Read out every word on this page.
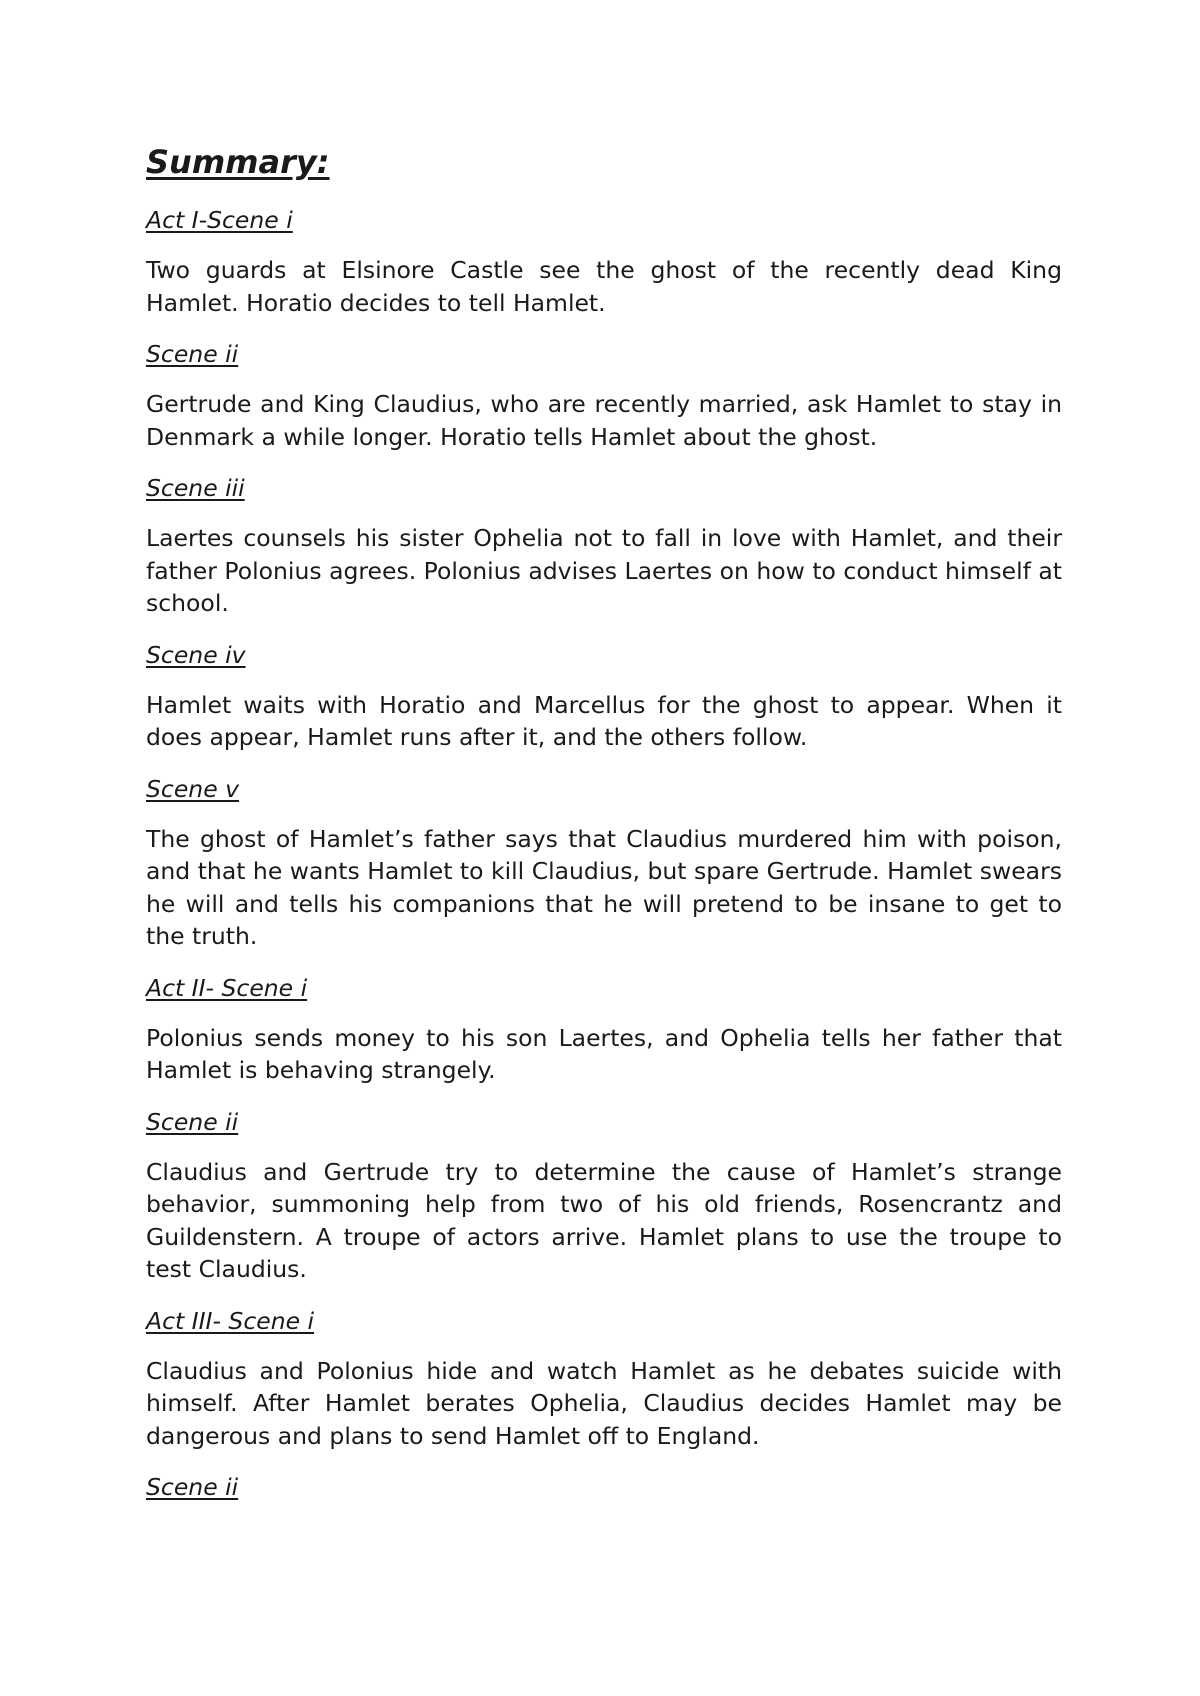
Summary:
Act I-Scene i
Two guards at Elsinore Castle see the ghost of the recently dead King Hamlet. Horatio decides to tell Hamlet.
Scene ii
Gertrude and King Claudius, who are recently married, ask Hamlet to stay in Denmark a while longer. Horatio tells Hamlet about the ghost.
Scene iii
Laertes counsels his sister Ophelia not to fall in love with Hamlet, and their father Polonius agrees. Polonius advises Laertes on how to conduct himself at school.
Scene iv
Hamlet waits with Horatio and Marcellus for the ghost to appear. When it does appear, Hamlet runs after it, and the others follow.
Scene v
The ghost of Hamlet’s father says that Claudius murdered him with poison, and that he wants Hamlet to kill Claudius, but spare Gertrude. Hamlet swears he will and tells his companions that he will pretend to be insane to get to the truth.
Act II- Scene i
Polonius sends money to his son Laertes, and Ophelia tells her father that Hamlet is behaving strangely.
Scene ii
Claudius and Gertrude try to determine the cause of Hamlet’s strange behavior, summoning help from two of his old friends, Rosencrantz and Guildenstern. A troupe of actors arrive. Hamlet plans to use the troupe to test Claudius.
Act III- Scene i
Claudius and Polonius hide and watch Hamlet as he debates suicide with himself. After Hamlet berates Ophelia, Claudius decides Hamlet may be dangerous and plans to send Hamlet off to England.
Scene ii
